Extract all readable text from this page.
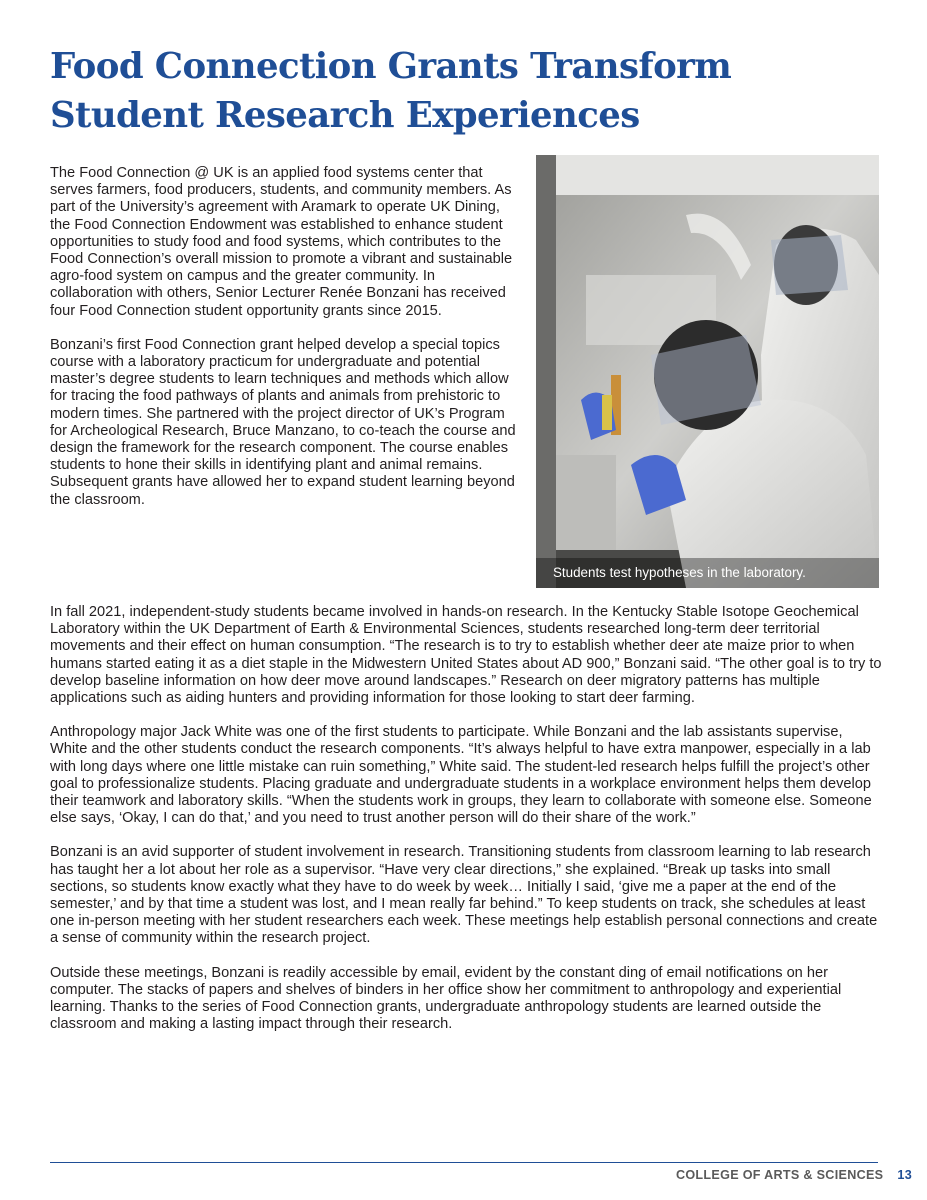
Food Connection Grants Transform
Student Research Experiences

The Food Connection @ UK is an applied food systems center that serves farmers, food producers, students, and community members. As part of the University’s agreement with Aramark to operate UK Dining, the Food Connection Endowment was established to enhance student opportunities to study food and food systems, which contributes to the Food Connection’s overall mission to promote a vibrant and sustainable agro-food system on campus and the greater community. In collaboration with others, Senior Lecturer Renée Bonzani has received four Food Connection student opportunity grants since 2015.

Bonzani’s first Food Connection grant helped develop a special topics course with a laboratory practicum for undergraduate and potential master’s degree students to learn techniques and methods which allow for tracing the food pathways of plants and animals from prehistoric to modern times. She partnered with the project director of UK’s Program for Archeological Research, Bruce Manzano, to co-teach the course and design the framework for the research component. The course enables students to hone their skills in identifying plant and animal remains. Subsequent grants have allowed her to expand student learning beyond the classroom.

Students test hypotheses in the laboratory.

In fall 2021, independent-study students became involved in hands-on research. In the Kentucky Stable Isotope Geochemical Laboratory within the UK Department of Earth & Environmental Sciences, students researched long-term deer territorial movements and their effect on human consumption. “The research is to try to establish whether deer ate maize prior to when humans started eating it as a diet staple in the Midwestern United States about AD 900,” Bonzani said. “The other goal is to try to develop baseline information on how deer move around landscapes.” Research on deer migratory patterns has multiple applications such as aiding hunters and providing information for those looking to start deer farming.

Anthropology major Jack White was one of the first students to participate. While Bonzani and the lab assistants supervise, White and the other students conduct the research components. “It’s always helpful to have extra manpower, especially in a lab with long days where one little mistake can ruin something,” White said. The student-led research helps fulfill the project’s other goal to professionalize students. Placing graduate and undergraduate students in a workplace environment helps them develop their teamwork and laboratory skills. “When the students work in groups, they learn to collaborate with someone else. Someone else says, ‘Okay, I can do that,’ and you need to trust another person will do their share of the work.”

Bonzani is an avid supporter of student involvement in research. Transitioning students from classroom learning to lab research has taught her a lot about her role as a supervisor. “Have very clear directions,” she explained. “Break up tasks into small sections, so students know exactly what they have to do week by week… Initially I said, ‘give me a paper at the end of the semester,’ and by that time a student was lost, and I mean really far behind.” To keep students on track, she schedules at least one in-person meeting with her student researchers each week. These meetings help establish personal connections and create a sense of community within the research project.

Outside these meetings, Bonzani is readily accessible by email, evident by the constant ding of email notifications on her computer. The stacks of papers and shelves of binders in her office show her commitment to anthropology and experiential learning. Thanks to the series of Food Connection grants, undergraduate anthropology students are learned outside the classroom and making a lasting impact through their research.

COLLEGE OF ARTS & SCIENCES 13
